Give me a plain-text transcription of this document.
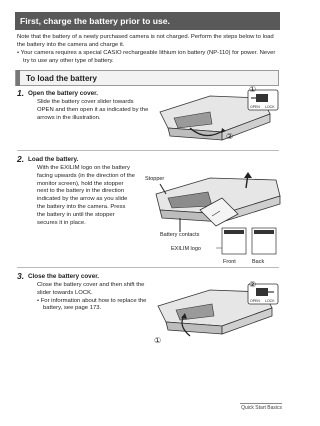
First, charge the battery prior to use.

Note that the battery of a newly purchased camera is not charged. Perform the steps below to load the battery into the camera and charge it.

• Your camera requires a special CASIO rechargeable lithium ion battery (NP-110) for power. Never try to use any other type of battery.

To load the battery
1. Open the battery cover.
Slide the battery cover slider towards OPEN and then open it as indicated by the arrows in the illustration.
①
②
OPEN LOCK
2. Load the battery.
With the EXILIM logo on the battery facing upwards (in the direction of the monitor screen), hold the stopper next to the battery in the direction indicated by the arrow as you slide the battery into the camera. Press the battery in until the stopper secures it in place.
Stopper
Battery contacts
EXILIM logo
Front	Back
3. Close the battery cover.

Close the battery cover and then shift the slider towards LOCK.

• For information about how to replace the battery, see page 173.

②
①
OPEN LOCK
Quick Start Basics
